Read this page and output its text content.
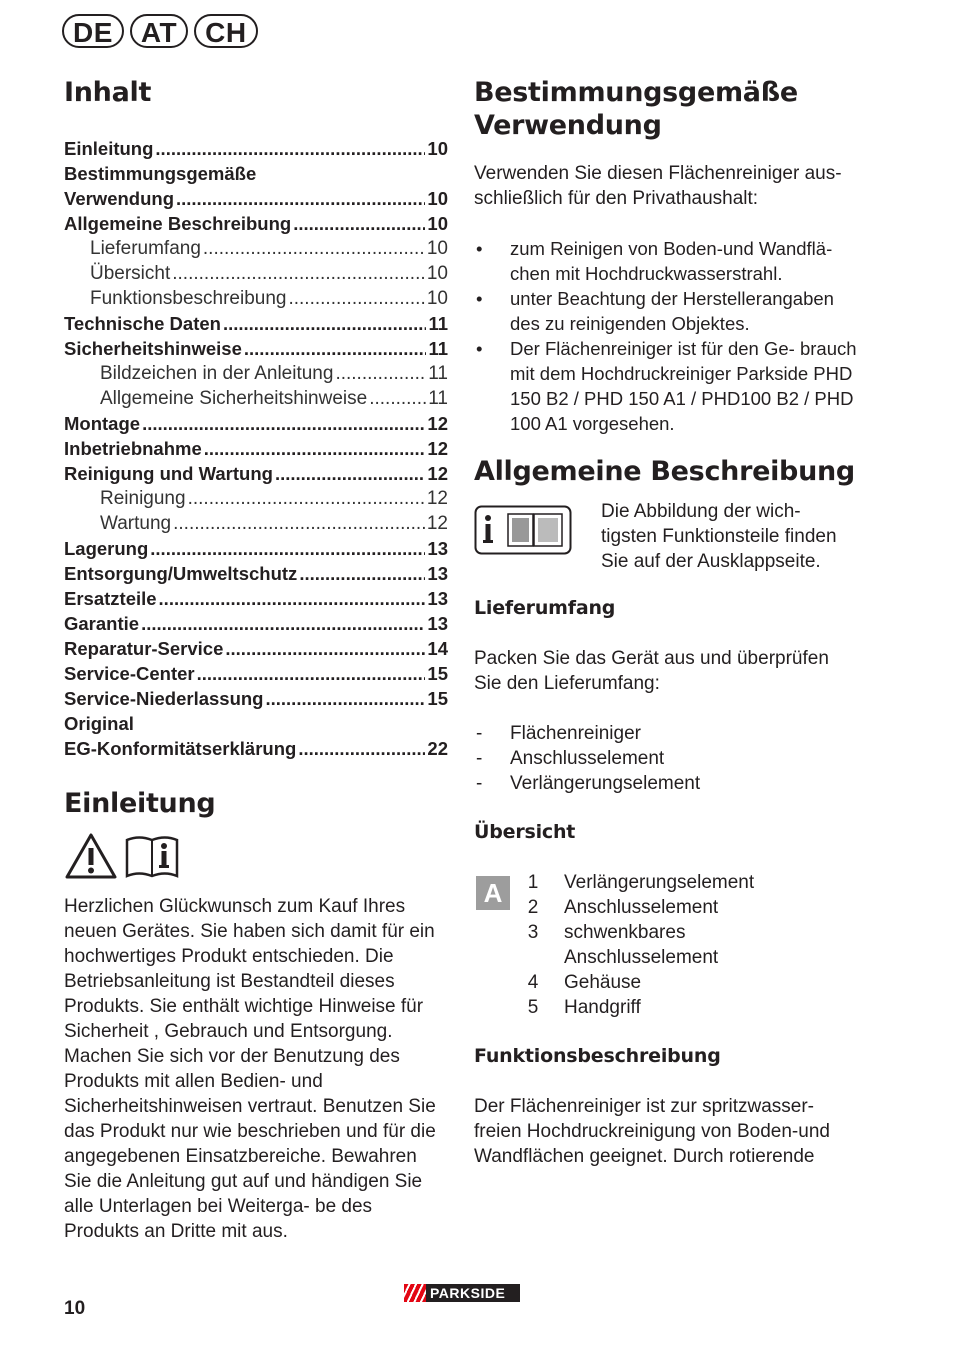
DE	AT	CH
Inhalt
Einleitung .....	10
Bestimmungsgemäße
Verwendung .....	10
Allgemeine Beschreibung .....	10
Lieferumfang .....	10
Übersicht .....	10
Funktionsbeschreibung .....	10
Technische Daten .....	11
Sicherheitshinweise .....	11
Bildzeichen in der Anleitung .....	11
Allgemeine Sicherheitshinweise .....	11
Montage .....	12
Inbetriebnahme .....	12
Reinigung und Wartung .....	12
Reinigung .....	12
Wartung .....	12
Lagerung .....	13
Entsorgung/Umweltschutz .....	13
Ersatzteile .....	13
Garantie .....	13
Reparatur-Service .....	14
Service-Center .....	15
Service-Niederlassung .....	15
Original
EG-Konformitätserklärung .....	22
Einleitung

Herzlichen Glückwunsch zum Kauf Ihres neuen Gerätes. Sie haben sich damit für ein hochwertiges Produkt entschieden. Die Betriebsanleitung ist Bestandteil dieses Produkts. Sie enthält wichtige Hinweise für Sicherheit , Gebrauch und Entsorgung. Machen Sie sich vor der Benutzung des Produkts mit allen Bedien- und Sicherheitshinweisen vertraut. Benutzen Sie das Produkt nur wie beschrieben und für die angegebenen Einsatzbereiche. Bewahren Sie die Anleitung gut auf und händigen Sie alle Unterlagen bei Weiterga- be des Produkts an Dritte mit aus.

Bestimmungsgemäße Verwendung

Verwenden Sie diesen Flächenreiniger aus- schließlich für den Privathaushalt:

• zum Reinigen von Boden-und Wandflä- chen mit Hochdruckwasserstrahl.
• unter Beachtung der Herstellerangaben des zu reinigenden Objektes.
• Der Flächenreiniger ist für den Ge- brauch mit dem Hochdruckreiniger Parkside PHD 150 B2 / PHD 150 A1 / PHD100 B2 / PHD 100 A1 vorgesehen.
Allgemeine Beschreibung

Die Abbildung der wich- tigsten Funktionsteile finden Sie auf der Ausklappseite.

Lieferumfang

Packen Sie das Gerät aus und überprüfen Sie den Lieferumfang:

- Flächenreiniger
- Anschlusselement
- Verlängerungselement
Übersicht
A	1	Verlängerungselement
2	Anschlusselement
3	schwenkbares Anschlusselement
4	Gehäuse
5	Handgriff
Funktionsbeschreibung

Der Flächenreiniger ist zur spritzwasser- freien Hochdruckreinigung von Boden-und Wandflächen geeignet. Durch rotierende

10
PARKSIDE
